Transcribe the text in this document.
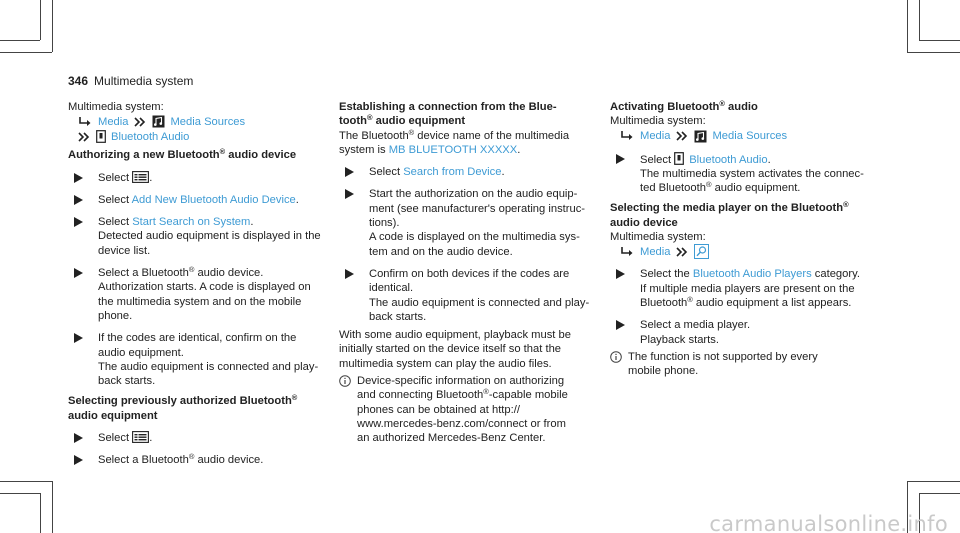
346 Multimedia system
Multimedia system:
Media	Media Sources
Bluetooth Audio
Authorizing a new Bluetooth® audio device
Select .
Select Add New Bluetooth Audio Device.
Select Start Search on System.
Detected audio equipment is displayed in the
device list.
Select a Bluetooth® audio device.
Authorization starts. A code is displayed on
the multimedia system and on the mobile
phone.
If the codes are identical, confirm on the
audio equipment.
The audio equipment is connected and play-
back starts.
Selecting previously authorized Bluetooth®
audio equipment
Select .
Select a Bluetooth® audio device.
Establishing a connection from the Blue-
tooth® audio equipment
The Bluetooth® device name of the multimedia
system is MB BLUETOOTH XXXXX.
Select Search from Device.
Start the authorization on the audio equip-
ment (see manufacturer's operating instruc-
tions).
A code is displayed on the multimedia sys-
tem and on the audio device.
Confirm on both devices if the codes are
identical.
The audio equipment is connected and play-
back starts.
With some audio equipment, playback must be
initially started on the device itself so that the
multimedia system can play the audio files.
Device-specific information on authorizing
and connecting Bluetooth®-capable mobile
phones can be obtained at http://
www.mercedes-benz.com/connect or from
an authorized Mercedes-Benz Center.
Activating Bluetooth® audio
Multimedia system:
Media	Media Sources
Select Bluetooth Audio.
The multimedia system activates the connec-
ted Bluetooth® audio equipment.
Selecting the media player on the Bluetooth®
audio device
Multimedia system:
Media
Select the Bluetooth Audio Players category.
If multiple media players are present on the
Bluetooth® audio equipment a list appears.
Select a media player.
Playback starts.
The function is not supported by every
mobile phone.
carmanualsonline.info
